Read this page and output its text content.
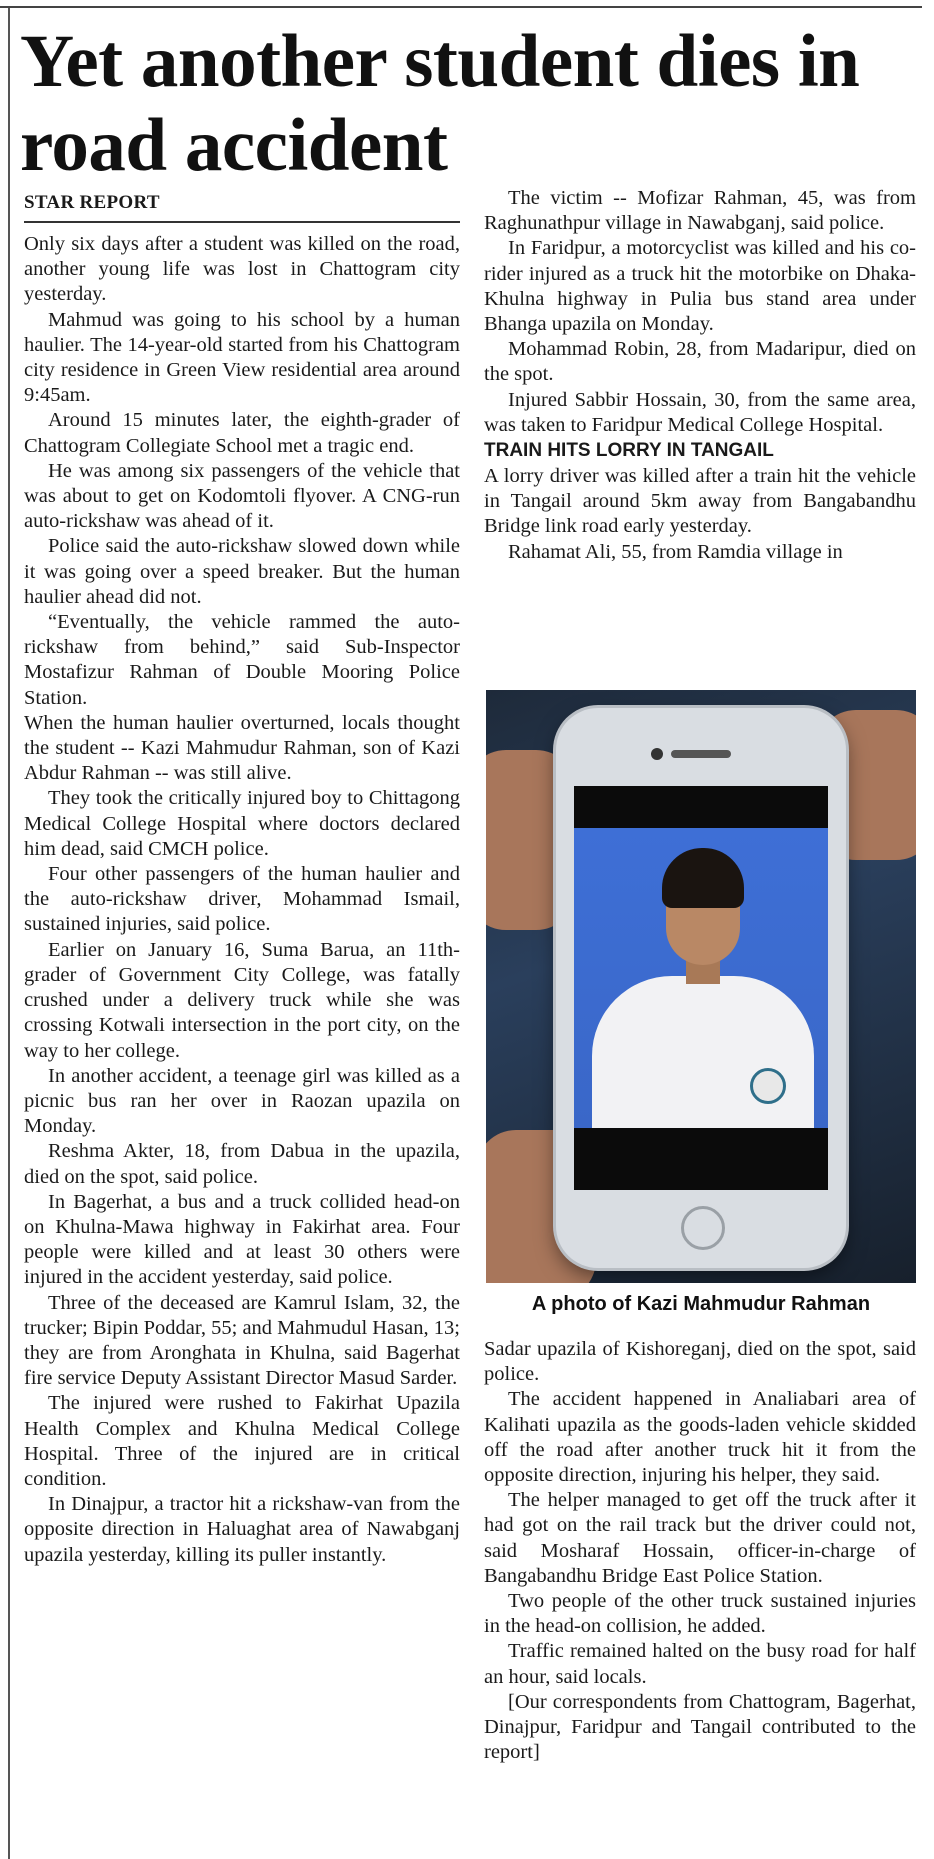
Yet another student dies in road accident
STAR REPORT

Only six days after a student was killed on the road, another young life was lost in Chattogram city yesterday.

Mahmud was going to his school by a human haulier. The 14-year-old started from his Chattogram city residence in Green View residential area around 9:45am.

Around 15 minutes later, the eighth-grader of Chattogram Collegiate School met a tragic end.

He was among six passengers of the vehicle that was about to get on Kodomtoli flyover. A CNG-run auto-rickshaw was ahead of it.

Police said the auto-rickshaw slowed down while it was going over a speed breaker. But the human haulier ahead did not.

“Eventually, the vehicle rammed the auto-rickshaw from behind,” said Sub-Inspector Mostafizur Rahman of Double Mooring Police Station.

When the human haulier overturned, locals thought the student -- Kazi Mahmudur Rahman, son of Kazi Abdur Rahman -- was still alive.

They took the critically injured boy to Chittagong Medical College Hospital where doctors declared him dead, said CMCH police.

Four other passengers of the human haulier and the auto-rickshaw driver, Mohammad Ismail, sustained injuries, said police.

Earlier on January 16, Suma Barua, an 11th-grader of Government City College, was fatally crushed under a delivery truck while she was crossing Kotwali intersection in the port city, on the way to her college.

In another accident, a teenage girl was killed as a picnic bus ran her over in Raozan upazila on Monday.

Reshma Akter, 18, from Dabua in the upazila, died on the spot, said police.

In Bagerhat, a bus and a truck collided head-on on Khulna-Mawa highway in Fakirhat area. Four people were killed and at least 30 others were injured in the accident yesterday, said police.

Three of the deceased are Kamrul Islam, 32, the trucker; Bipin Poddar, 55; and Mahmudul Hasan, 13; they are from Aronghata in Khulna, said Bagerhat fire service Deputy Assistant Director Masud Sarder.

The injured were rushed to Fakirhat Upazila Health Complex and Khulna Medical College Hospital. Three of the injured are in critical condition.

In Dinajpur, a tractor hit a rickshaw-van from the opposite direction in Haluaghat area of Nawabganj upazila yesterday, killing its puller instantly.

The victim -- Mofizar Rahman, 45, was from Raghunathpur village in Nawabganj, said police.

In Faridpur, a motorcyclist was killed and his co-rider injured as a truck hit the motorbike on Dhaka-Khulna highway in Pulia bus stand area under Bhanga upazila on Monday.

Mohammad Robin, 28, from Madaripur, died on the spot.

Injured Sabbir Hossain, 30, from the same area, was taken to Faridpur Medical College Hospital.

TRAIN HITS LORRY IN TANGAIL

A lorry driver was killed after a train hit the vehicle in Tangail around 5km away from Bangabandhu Bridge link road early yesterday.

Rahamat Ali, 55, from Ramdia village in

A photo of Kazi Mahmudur Rahman

Sadar upazila of Kishoreganj, died on the spot, said police.

The accident happened in Analiabari area of Kalihati upazila as the goods-laden vehicle skidded off the road after another truck hit it from the opposite direction, injuring his helper, they said.

The helper managed to get off the truck after it had got on the rail track but the driver could not, said Mosharaf Hossain, officer-in-charge of Bangabandhu Bridge East Police Station.

Two people of the other truck sustained injuries in the head-on collision, he added.

Traffic remained halted on the busy road for half an hour, said locals.

[Our correspondents from Chattogram, Bagerhat, Dinajpur, Faridpur and Tangail contributed to the report]
